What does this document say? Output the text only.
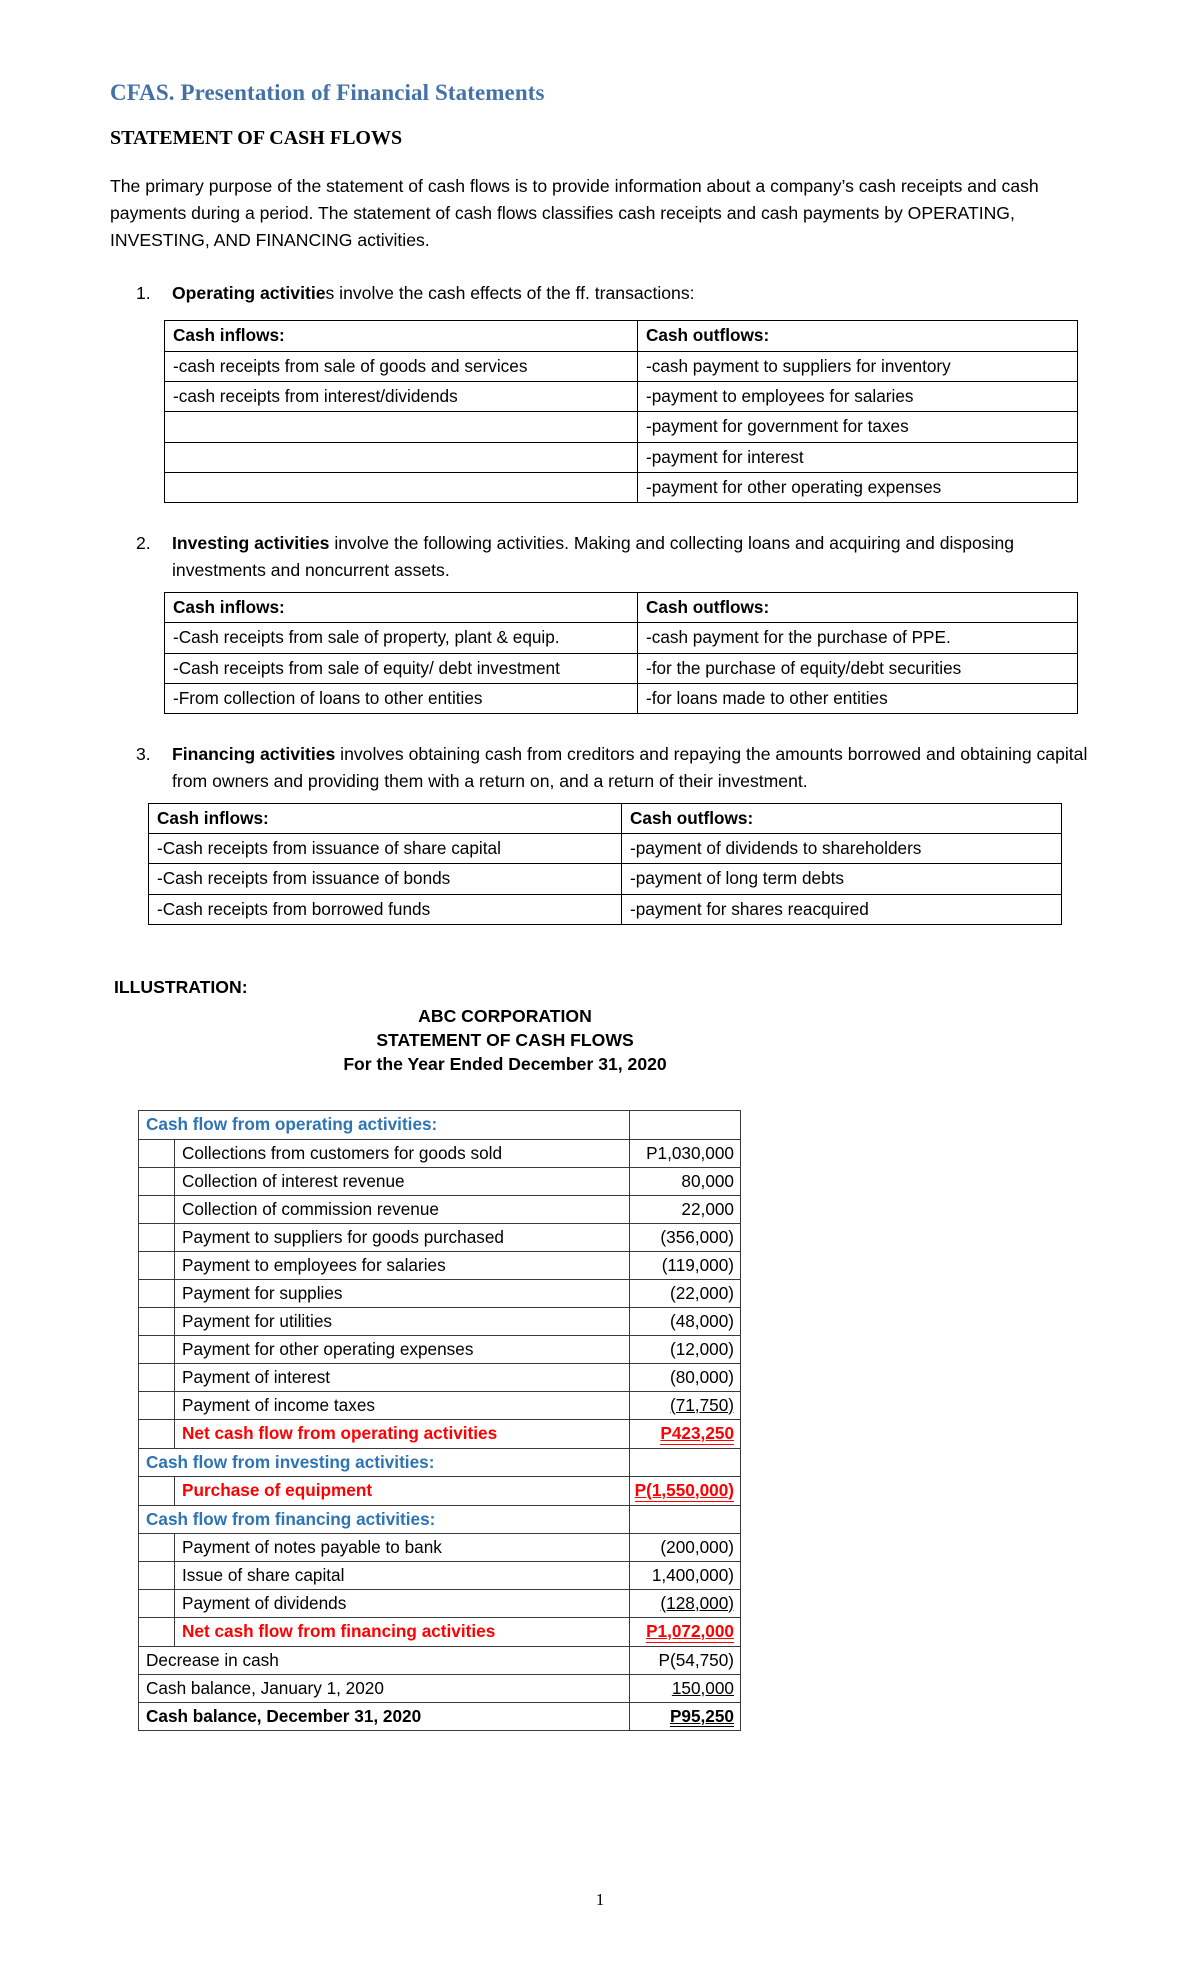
CFAS. Presentation of Financial Statements
STATEMENT OF CASH FLOWS

The primary purpose of the statement of cash flows is to provide information about a company’s cash receipts and cash payments during a period. The statement of cash flows classifies cash receipts and cash payments by OPERATING, INVESTING, AND FINANCING activities.

1. Operating activities involve the cash effects of the ff. transactions:
Cash inflows:	Cash outflows:
-cash receipts from sale of goods and services	-cash payment to suppliers for inventory
-cash receipts from interest/dividends	-payment to employees for salaries
	-payment for government for taxes
	-payment for interest
	-payment for other operating expenses
2. Investing activities involve the following activities. Making and collecting loans and acquiring and disposing investments and noncurrent assets.
Cash inflows:	Cash outflows:
-Cash receipts from sale of property, plant & equip.	-cash payment for the purchase of PPE.
-Cash receipts from sale of equity/ debt investment	-for the purchase of equity/debt securities
-From collection of loans to other entities	-for loans made to other entities
3. Financing activities involves obtaining cash from creditors and repaying the amounts borrowed and obtaining capital from owners and providing them with a return on, and a return of their investment.
Cash inflows:	Cash outflows:
-Cash receipts from issuance of share capital	-payment of dividends to shareholders
-Cash receipts from issuance of bonds	-payment of long term debts
-Cash receipts from borrowed funds	-payment for shares reacquired
ILLUSTRATION:
ABC CORPORATION
STATEMENT OF CASH FLOWS
For the Year Ended December 31, 2020
Cash flow from operating activities:		
	Collections from customers for goods sold	P1,030,000
	Collection of interest revenue	80,000
	Collection of commission revenue	22,000
	Payment to suppliers for goods purchased	(356,000)
	Payment to employees for salaries	(119,000)
	Payment for supplies	(22,000)
	Payment for utilities	(48,000)
	Payment for other operating expenses	(12,000)
	Payment of interest	(80,000)
	Payment of income taxes	(71,750)
	Net cash flow from operating activities	P423,250
Cash flow from investing activities:		
	Purchase of equipment	P(1,550,000)
Cash flow from financing activities:		
	Payment of notes payable to bank	(200,000)
	Issue of share capital	1,400,000)
	Payment of dividends	(128,000)
	Net cash flow from financing activities	P1,072,000
Decrease in cash		P(54,750)
Cash balance, January 1, 2020		150,000
Cash balance, December 31, 2020		P95,250
1
